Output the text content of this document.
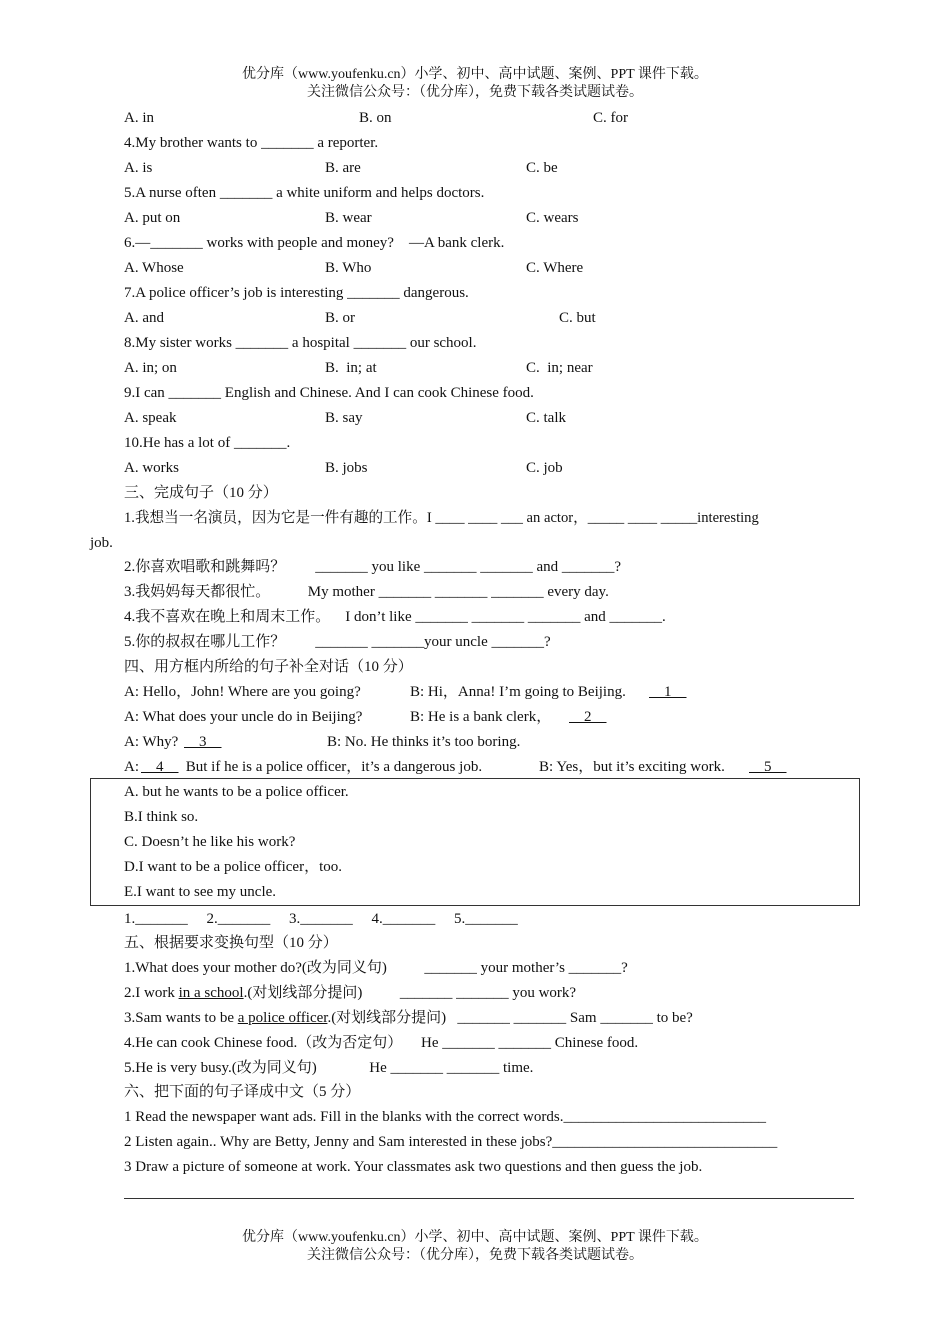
优分库（www.youfenku.cn）小学、初中、高中试题、案例、PPT 课件下载。
关注微信公众号：（优分库），免费下载各类试题试卷。
A. in	B. on	C. for
4.My brother wants to _______ a reporter.
A. is	B. are	C. be
5.A nurse often _______ a white uniform and helps doctors.
A. put on	B. wear	C. wears
6.—_______ works with people and money?    —A bank clerk.
A. Whose	B. Who	C. Where
7.A police officer’s job is interesting _______ dangerous.
A. and	B. or	C. but
8.My sister works _______ a hospital _______ our school.
A. in; on	B.  in; at	C.  in; near
9.I can _______ English and Chinese. And I can cook Chinese food.
A. speak	B. say	C. talk
10.He has a lot of _______.
A. works	B. jobs	C. job
三、完成句子（10 分）
1.我想当一名演员，因为它是一件有趣的工作。I ____ ____ ___ an actor，_____ ____ _____interesting
job.
2.你喜欢唱歌和跳舞吗？        _______ you like _______ _______ and _______?
3.我妈妈每天都很忙。          My mother _______ _______ _______ every day.
4.我不喜欢在晚上和周末工作。    I don’t like _______ _______ _______ and _______.
5.你的叔叔在哪儿工作？        _______ _______your uncle _______?
四、用方框内所给的句子补全对话（10 分）
A: Hello，John! Where are you going?	B: Hi，Anna! I’m going to Beijing. 1
A: What does your uncle do in Beijing?	B: He is a bank clerk， 2
A: Why? 3	B: No. He thinks it’s too boring.
A: 4 But if he is a police officer，it’s a dangerous job.	B: Yes，but it’s exciting work. 5
A. but he wants to be a police officer.
B.I think so.
C. Doesn’t he like his work?
D.I want to be a police officer，too.
E.I want to see my uncle.
1._______     2._______     3._______     4._______     5._______
五、根据要求变换句型（10 分）
1.What does your mother do?(改为同义句)          _______ your mother’s _______?
2.I work in a school.(对划线部分提问)          _______ _______ you work?
3.Sam wants to be a police officer.(对划线部分提问)   _______ _______ Sam _______ to be?
4.He can cook Chinese food.（改为否定句）     He _______ _______ Chinese food.
5.He is very busy.(改为同义句)              He _______ _______ time.
六、把下面的句子译成中文（5 分）
1 Read the newspaper want ads. Fill in the blanks with the correct words.___________________________
2 Listen again.. Why are Betty, Jenny and Sam interested in these jobs?______________________________
3 Draw a picture of someone at work. Your classmates ask two questions and then guess the job.
优分库（www.youfenku.cn）小学、初中、高中试题、案例、PPT 课件下载。
关注微信公众号：（优分库），免费下载各类试题试卷。
